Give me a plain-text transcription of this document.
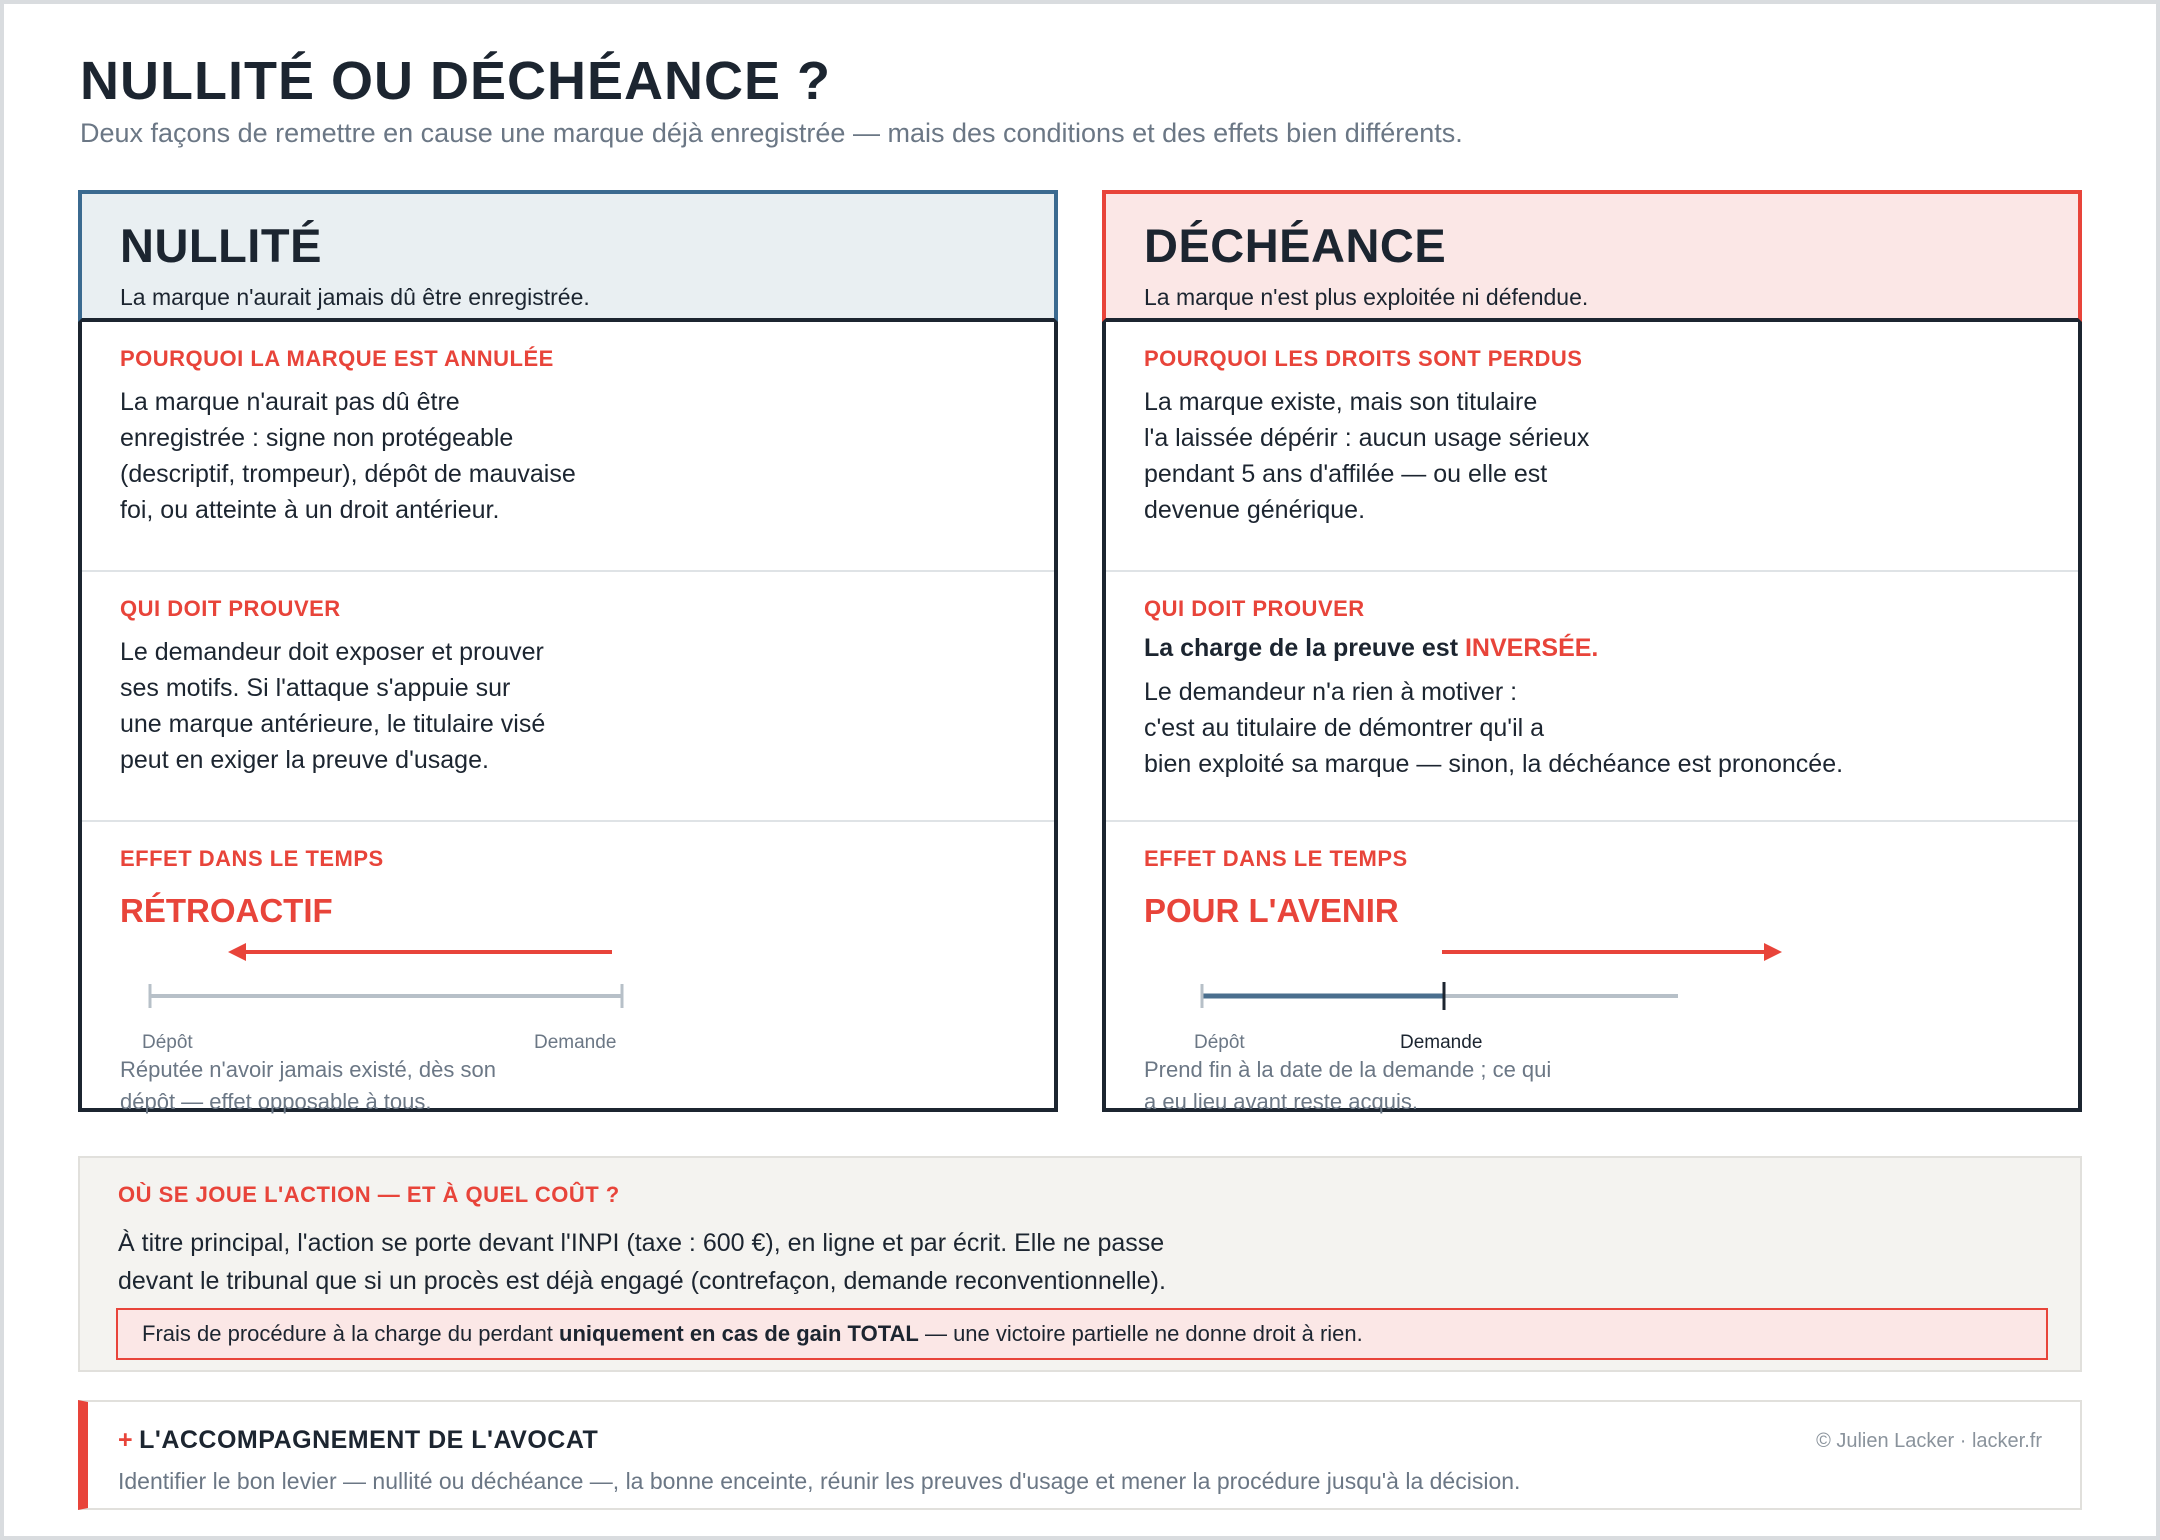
NULLITÉ OU DÉCHÉANCE ?
Deux façons de remettre en cause une marque déjà enregistrée — mais des conditions et des effets bien différents.
NULLITÉ
La marque n'aurait jamais dû être enregistrée.
POURQUOI LA MARQUE EST ANNULÉE
La marque n'aurait pas dû être
enregistrée : signe non protégeable
(descriptif, trompeur), dépôt de mauvaise
foi, ou atteinte à un droit antérieur.
QUI DOIT PROUVER
Le demandeur doit exposer et prouver
ses motifs. Si l'attaque s'appuie sur
une marque antérieure, le titulaire visé
peut en exiger la preuve d'usage.
EFFET DANS LE TEMPS
RÉTROACTIF
Dépôt	Demande
Réputée n'avoir jamais existé, dès son
dépôt — effet opposable à tous.
DÉCHÉANCE
La marque n'est plus exploitée ni défendue.
POURQUOI LES DROITS SONT PERDUS
La marque existe, mais son titulaire
l'a laissée dépérir : aucun usage sérieux
pendant 5 ans d'affilée — ou elle est
devenue générique.
QUI DOIT PROUVER
La charge de la preuve est INVERSÉE.
Le demandeur n'a rien à motiver :
c'est au titulaire de démontrer qu'il a
bien exploité sa marque — sinon, la déchéance est prononcée.
EFFET DANS LE TEMPS
POUR L'AVENIR
Dépôt	Demande
Prend fin à la date de la demande ; ce qui
a eu lieu avant reste acquis.
OÙ SE JOUE L'ACTION — ET À QUEL COÛT ?
À titre principal, l'action se porte devant l'INPI (taxe : 600 €), en ligne et par écrit. Elle ne passe
devant le tribunal que si un procès est déjà engagé (contrefaçon, demande reconventionnelle).
Frais de procédure à la charge du perdant uniquement en cas de gain TOTAL — une victoire partielle ne donne droit à rien.
+ L'ACCOMPAGNEMENT DE L'AVOCAT
Identifier le bon levier — nullité ou déchéance —, la bonne enceinte, réunir les preuves d'usage et mener la procédure jusqu'à la décision.
© Julien Lacker · lacker.fr
